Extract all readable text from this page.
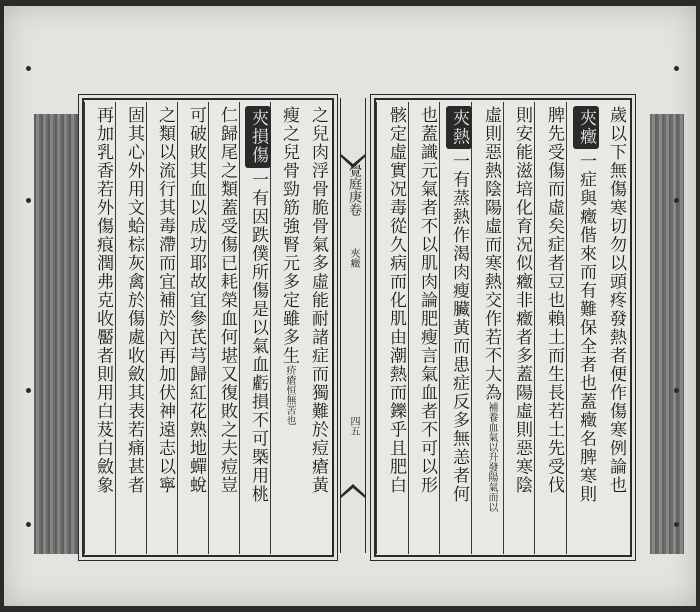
之兒肉浮骨脆骨氣多虛能耐諸症而獨難於痘瘡黃
瘦之兒骨勁筋強腎元多定雖多生疥瘡恒無苦也
夾損傷一有因跌僕所傷是以氣血虧損不可槩用桃
仁歸尾之類蓋受傷已耗榮血何堪又復敗之夫痘豈
可破敗其血以成功耶故宜參芪芎歸紅花熟地蟬蛻
之類以流行其毒滯而宜補於內再加伏神遠志以寧
固其心外用文蛤棕灰禽於傷處收斂其表若痛甚者
再加乳香若外傷痕潤弗克收靨者則用白芨白斂象	覺庭庚卷
夾癥
四五	歲以下無傷寒切勿以頭疼發熱者便作傷寒例論也
夾癥一症與癥偕來而有難保全者也蓋癥名脾寒則
脾先受傷而虛矣症者豆也賴土而生長若土先受伐
則安能滋培化育况似癥非癥者多蓋陽虛則惡寒陰
虛則惡熱陰陽虛而寒熱交作若不大為補養血氣以升發陽氣而以
夾熱一有蒸熱作渴肉瘦臟黃而患症反多無恙者何
也蓋識元氣者不以肌肉論肥瘦言氣血者不可以形
骸定虛實况毒從久病而化肌由潮熱而鑠乎且肥白
